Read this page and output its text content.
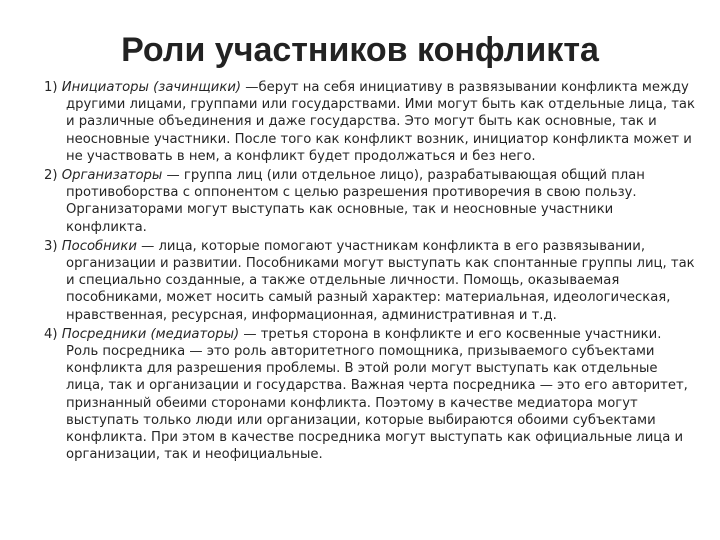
Роли участников конфликта

1) Инициаторы (зачинщики) —берут на себя инициативу в развязывании конфликта между другими лицами, группами или государствами. Ими могут быть как отдельные лица, так и различные объединения и даже государства. Это могут быть как основные, так и неосновные участники. После того как конфликт возник, инициатор конфликта может и не участвовать в нем, а конфликт будет продолжаться и без него.

2) Организаторы — группа лиц (или отдельное лицо), разрабатывающая общий план противоборства с оппонентом с целью разрешения противоречия в свою пользу. Организаторами могут выступать как основные, так и неосновные участники конфликта.

3) Пособники — лица, которые помогают участникам конфликта в его развязывании, организации и развитии. Пособниками могут выступать как спонтанные группы лиц, так и специально созданные, а также отдельные личности. Помощь, оказываемая пособниками, может носить самый разный характер: материальная, идеологическая, нравственная, ресурсная, информационная, административная и т.д.

4) Посредники (медиаторы) — третья сторона в конфликте и его косвенные участники. Роль посредника — это роль авторитетного помощника, призываемого субъектами конфликта для разрешения проблемы. В этой роли могут выступать как отдельные лица, так и организации и государства. Важная черта посредника — это его авторитет, признанный обеими сторонами конфликта. Поэтому в качестве медиатора могут выступать только люди или организации, которые выбираются обоими субъектами конфликта. При этом в качестве посредника могут выступать как официальные лица и организации, так и неофициальные.
